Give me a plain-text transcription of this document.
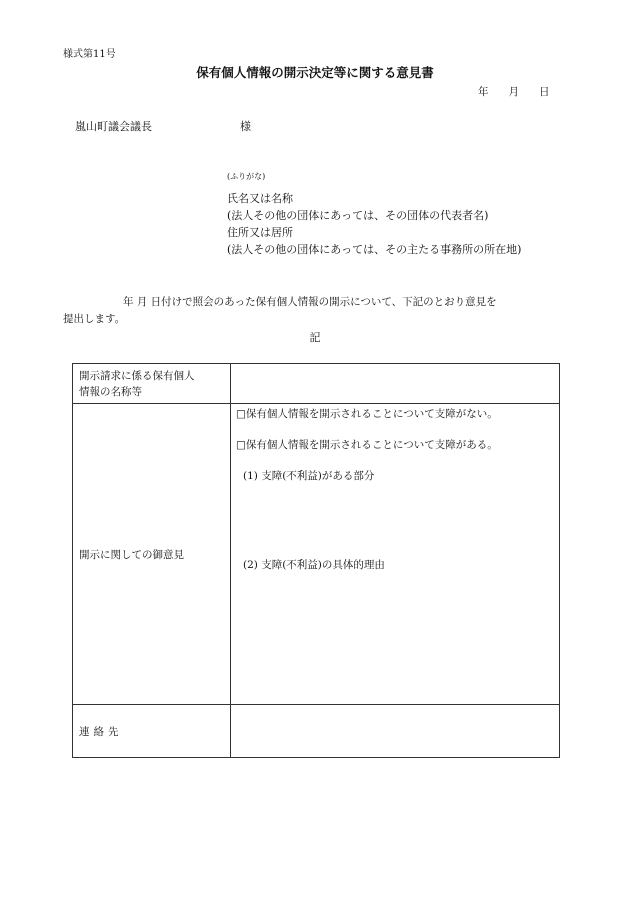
様式第11号
保有個人情報の開示決定等に関する意見書
年 月 日
嵐山町議会議長	様
(ふりがな)
氏名又は名称
(法人その他の団体にあっては、その団体の代表者名)
住所又は居所
(法人その他の団体にあっては、その主たる事務所の所在地)
年 月 日付けで照会のあった保有個人情報の開示について、下記のとおり意見を
提出します。
記
開示請求に係る保有個人
情報の名称等	

開示に関しての御意見	□保有個人情報を開示されることについて支障がない。
□保有個人情報を開示されることについて支障がある。
(1) 支障(不利益)がある部分
(2) 支障(不利益)の具体的理由

連絡先	
